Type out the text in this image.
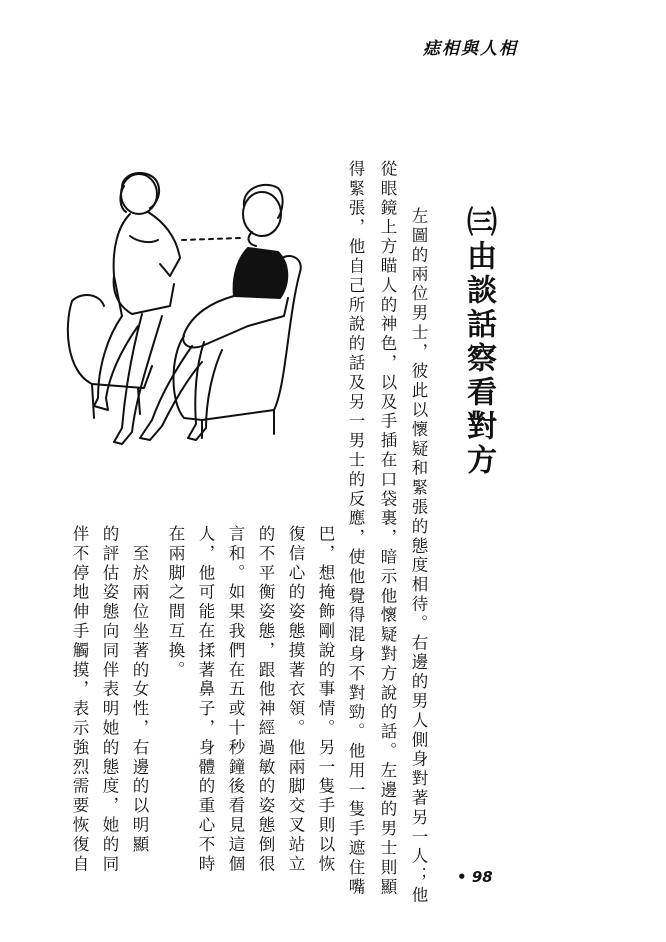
痣相與人相
㈢由談話察看對方
左圖的兩位男士，彼此以懷疑和緊張的態度相待。右邊的男人側身對著另一人；他
從眼鏡上方瞄人的神色，以及手插在口袋裏，暗示他懷疑對方說的話。左邊的男士則顯
得緊張，他自己所說的話及另一男士的反應，使他覺得混身不對勁。他用一隻手遮住嘴
巴，想掩飾剛說的事情。另一隻手則以恢
復信心的姿態摸著衣領。他兩脚交叉站立
的不平衡姿態，跟他神經過敏的姿態倒很
言和。如果我們在五或十秒鐘後看見這個
人，他可能在揉著鼻子，身體的重心不時
在兩脚之間互換。
　至於兩位坐著的女性，右邊的以明顯
的評估姿態向同伴表明她的態度，她的同
伴不停地伸手觸摸，表示強烈需要恢復自
• 98
